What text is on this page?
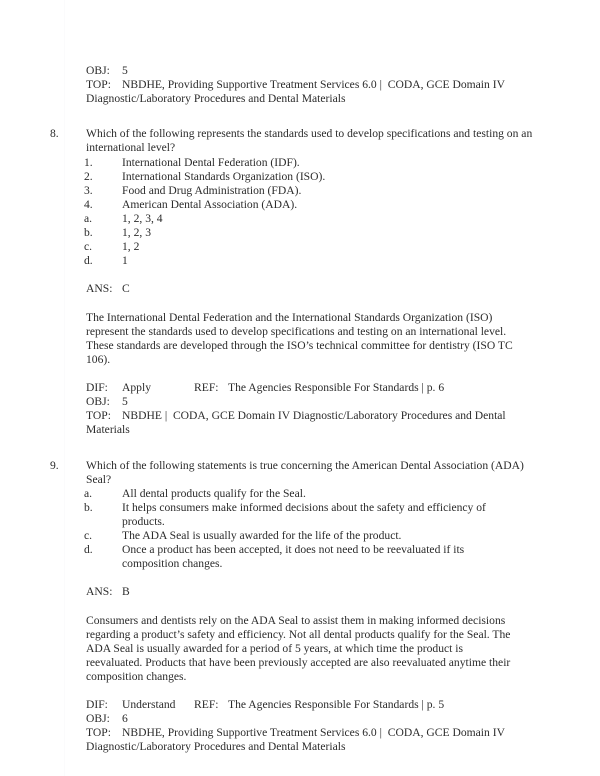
OBJ: 5
TOP: NBDHE, Providing Supportive Treatment Services 6.0 |  CODA, GCE Domain IV Diagnostic/Laboratory Procedures and Dental Materials
8. Which of the following represents the standards used to develop specifications and testing on an international level?
1.	International Dental Federation (IDF).
2.	International Standards Organization (ISO).
3.	Food and Drug Administration (FDA).
4.	American Dental Association (ADA).
a.	1, 2, 3, 4
b.	1, 2, 3
c.	1, 2
d.	1
ANS: C
The International Dental Federation and the International Standards Organization (ISO) represent the standards used to develop specifications and testing on an international level. These standards are developed through the ISO’s technical committee for dentistry (ISO TC 106).
DIF: Apply	REF: The Agencies Responsible For Standards | p. 6
OBJ: 5
TOP: NBDHE |  CODA, GCE Domain IV Diagnostic/Laboratory Procedures and Dental Materials
9. Which of the following statements is true concerning the American Dental Association (ADA) Seal?
a.	All dental products qualify for the Seal.
b.	It helps consumers make informed decisions about the safety and efficiency of products.
c.	The ADA Seal is usually awarded for the life of the product.
d.	Once a product has been accepted, it does not need to be reevaluated if its composition changes.
ANS: B
Consumers and dentists rely on the ADA Seal to assist them in making informed decisions regarding a product’s safety and efficiency. Not all dental products qualify for the Seal. The ADA Seal is usually awarded for a period of 5 years, at which time the product is reevaluated. Products that have been previously accepted are also reevaluated anytime their composition changes.
DIF: Understand REF: The Agencies Responsible For Standards | p. 5
OBJ: 6
TOP: NBDHE, Providing Supportive Treatment Services 6.0 |  CODA, GCE Domain IV Diagnostic/Laboratory Procedures and Dental Materials
